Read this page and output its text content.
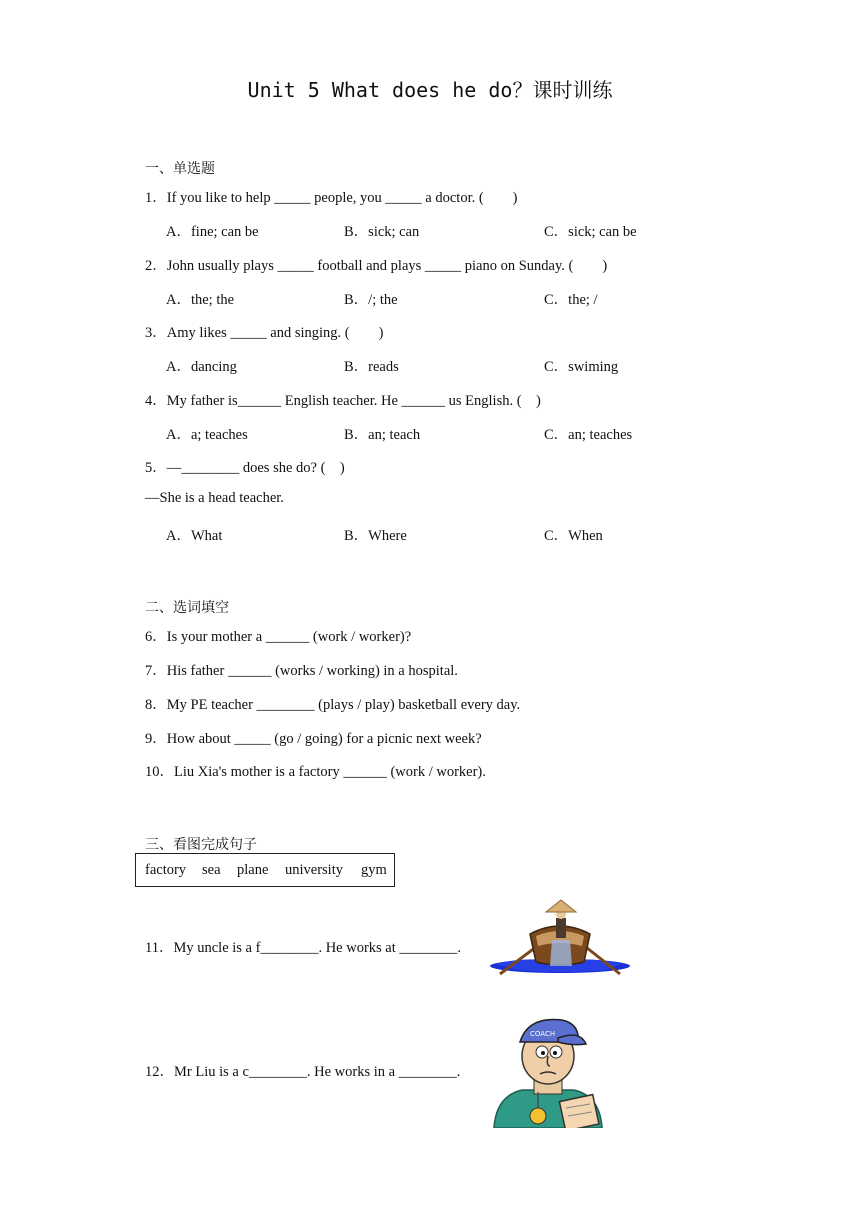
Unit 5 What does he do？课时训练
一、单选题
1．If you like to help _____ people, you _____ a doctor. (　　)
A．fine; can be	B．sick; can	C．sick; can be
2．John usually plays _____ football and plays _____ piano on Sunday. (　　)
A．the; the	B．/; the	C．the; /
3．Amy likes _____ and singing. (　　)
A．dancing	B．reads	C．swiming
4．My father is______ English teacher. He ______ us English. (　)
A．a; teaches	B．an; teach	C．an; teaches
5．—________ does she do? (　)
—She is a head teacher.
A．What	B．Where	C．When
二、选词填空
6．Is your mother a ______ (work / worker)?
7．His father ______ (works / working) in a hospital.
8．My PE teacher ________ (plays / play) basketball every day.
9．How about _____ (go / going) for a picnic next week?
10．Liu Xia's mother is a factory ______ (work / worker).
三、看图完成句子
factory sea plane university gym
11．My uncle is a f________. He works at ________.
12．Mr Liu is a c________. He works in a ________.
COACH
